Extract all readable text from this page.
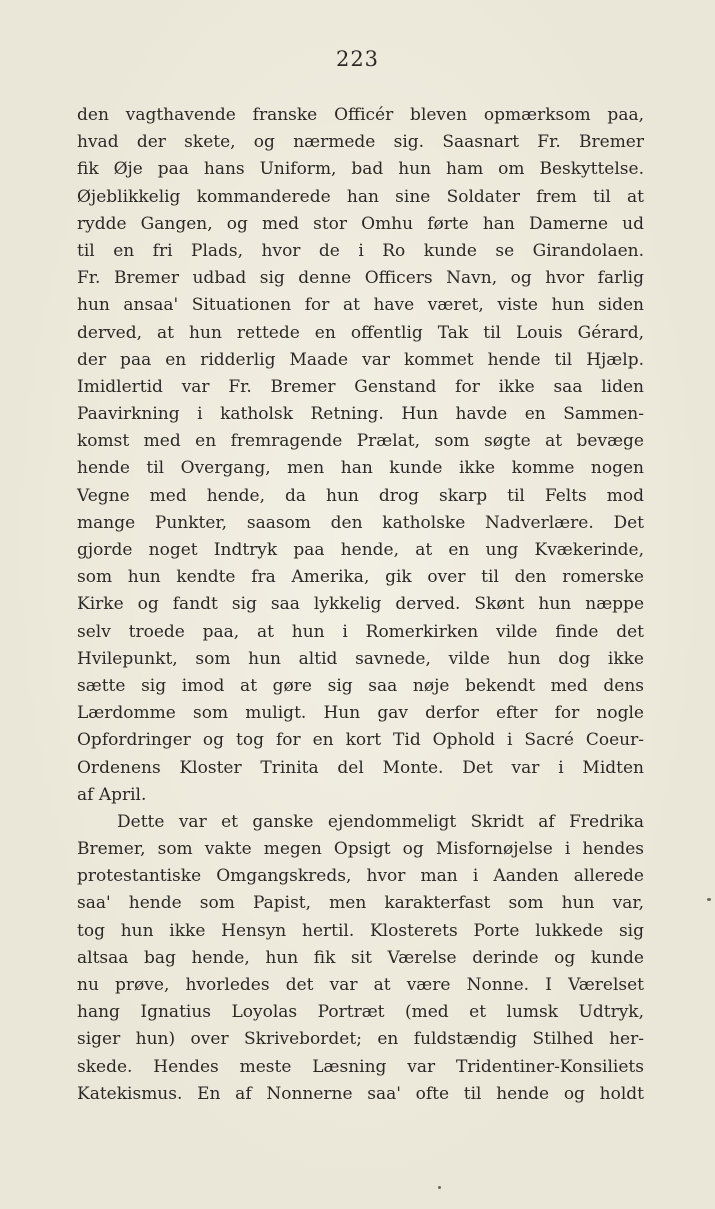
223
den vagthavende franske Officér bleven opmærksom paa,
hvad der skete, og nærmede sig. Saasnart Fr. Bremer
fik Øje paa hans Uniform, bad hun ham om Beskyttelse.
Øjeblikkelig kommanderede han sine Soldater frem til at
rydde Gangen, og med stor Omhu førte han Damerne ud
til en fri Plads, hvor de i Ro kunde se Girandolaen.
Fr. Bremer udbad sig denne Officers Navn, og hvor farlig
hun ansaa' Situationen for at have været, viste hun siden
derved, at hun rettede en offentlig Tak til Louis Gérard,
der paa en ridderlig Maade var kommet hende til Hjælp.
Imidlertid var Fr. Bremer Genstand for ikke saa liden
Paavirkning i katholsk Retning. Hun havde en Sammen-
komst med en fremragende Prælat, som søgte at bevæge
hende til Overgang, men han kunde ikke komme nogen
Vegne med hende, da hun drog skarp til Felts mod
mange Punkter, saasom den katholske Nadverlære. Det
gjorde noget Indtryk paa hende, at en ung Kvækerinde,
som hun kendte fra Amerika, gik over til den romerske
Kirke og fandt sig saa lykkelig derved. Skønt hun næppe
selv troede paa, at hun i Romerkirken vilde finde det
Hvilepunkt, som hun altid savnede, vilde hun dog ikke
sætte sig imod at gøre sig saa nøje bekendt med dens
Lærdomme som muligt. Hun gav derfor efter for nogle
Opfordringer og tog for en kort Tid Ophold i Sacré Coeur-
Ordenens Kloster Trinita del Monte. Det var i Midten
af April.
Dette var et ganske ejendommeligt Skridt af Fredrika
Bremer, som vakte megen Opsigt og Misfornøjelse i hendes
protestantiske Omgangskreds, hvor man i Aanden allerede
saa' hende som Papist, men karakterfast som hun var,
tog hun ikke Hensyn hertil. Klosterets Porte lukkede sig
altsaa bag hende, hun fik sit Værelse derinde og kunde
nu prøve, hvorledes det var at være Nonne. I Værelset
hang Ignatius Loyolas Portræt (med et lumsk Udtryk,
siger hun) over Skrivebordet; en fuldstændig Stilhed her-
skede. Hendes meste Læsning var Tridentiner-Konsiliets
Katekismus. En af Nonnerne saa' ofte til hende og holdt
